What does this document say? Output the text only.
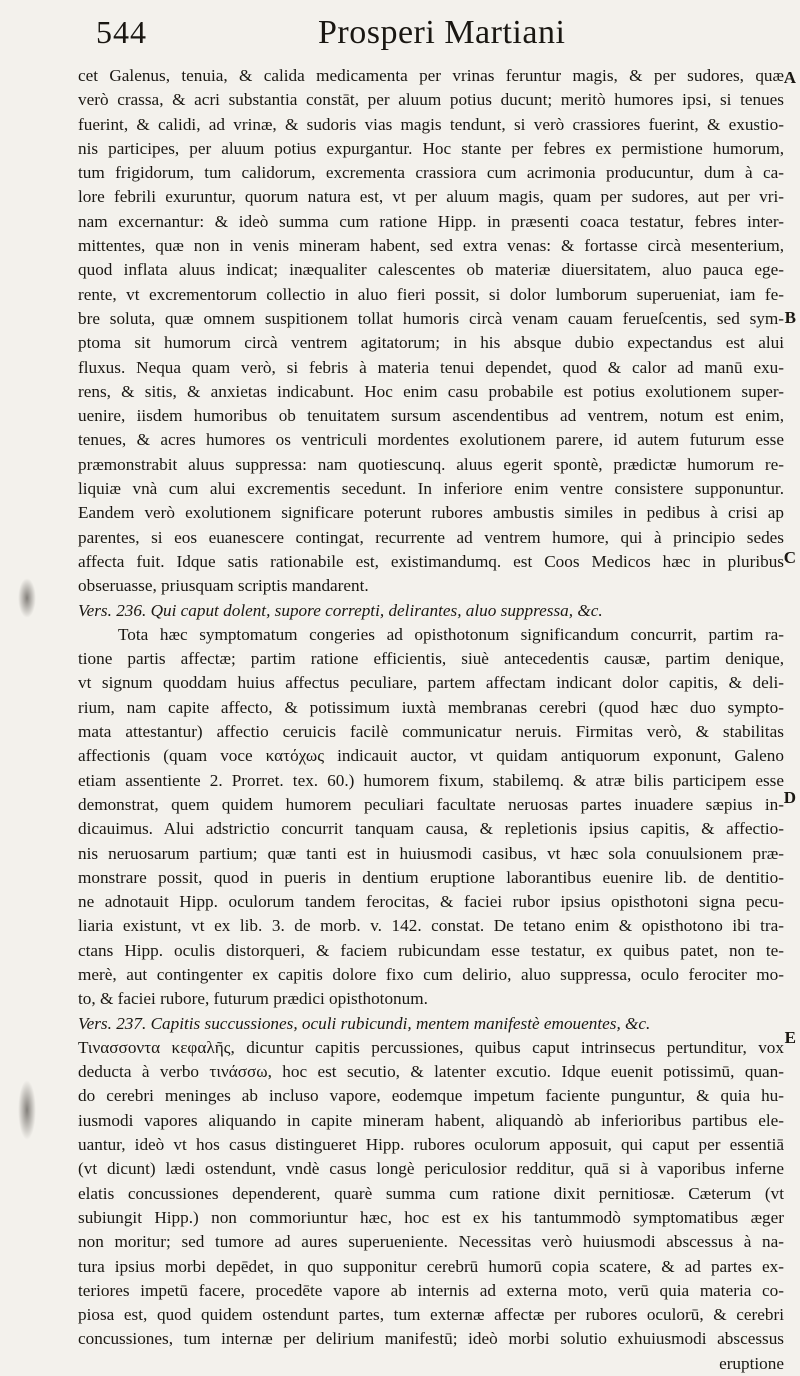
544	Prosperi Martiani
A
B
C
D
E
cet Galenus, tenuia, & calida medicamenta per vrinas feruntur magis, & per sudores, quæ
verò crassa, & acri substantia constāt, per aluum potius ducunt; meritò humores ipsi, si tenues
fuerint, & calidi, ad vrinæ, & sudoris vias magis tendunt, si verò crassiores fuerint, & exustio-
nis participes, per aluum potius expurgantur. Hoc stante per febres ex permistione humorum,
tum frigidorum, tum calidorum, excrementa crassiora cum acrimonia producuntur, dum à ca-
lore febrili exuruntur, quorum natura est, vt per aluum magis, quam per sudores, aut per vri-
nam excernantur: & ideò summa cum ratione Hipp. in præsenti coaca testatur, febres inter-
mittentes, quæ non in venis mineram habent, sed extra venas: & fortasse circà mesenterium,
quod inflata aluus indicat; inæqualiter calescentes ob materiæ diuersitatem, aluo pauca ege-
rente, vt excrementorum collectio in aluo fieri possit, si dolor lumborum superueniat, iam fe-
bre soluta, quæ omnem suspitionem tollat humoris circà venam cauam ferueſcentis, sed sym-
ptoma sit humorum circà ventrem agitatorum; in his absque dubio expectandus est alui
fluxus. Nequa quam verò, si febris à materia tenui dependet, quod & calor ad manū exu-
rens, & sitis, & anxietas indicabunt. Hoc enim casu probabile est potius exolutionem super-
uenire, iisdem humoribus ob tenuitatem sursum ascendentibus ad ventrem, notum est enim,
tenues, & acres humores os ventriculi mordentes exolutionem parere, id autem futurum esse
præmonstrabit aluus suppressa: nam quotiescunq. aluus egerit spontè, prædictæ humorum re-
liquiæ vnà cum alui excrementis secedunt. In inferiore enim ventre consistere supponuntur.
Eandem verò exolutionem significare poterunt rubores ambustis similes in pedibus à crisi ap
parentes, si eos euanescere contingat, recurrente ad ventrem humore, qui à principio sedes
affecta fuit. Idque satis rationabile est, existimandumq. est Coos Medicos hæc in pluribus
obseruasse, priusquam scriptis mandarent.
Vers. 236. Qui caput dolent, supore correpti, delirantes, aluo suppressa, &c.
Tota hæc symptomatum congeries ad opisthotonum significandum concurrit, partim ra-
tione partis affectæ; partim ratione efficientis, siuè antecedentis causæ, partim denique,
vt signum quoddam huius affectus peculiare, partem affectam indicant dolor capitis, & deli-
rium, nam capite affecto, & potissimum iuxtà membranas cerebri (quod hæc duo sympto-
mata attestantur) affectio ceruicis facilè communicatur neruis. Firmitas verò, & stabilitas
affectionis (quam voce κατόχως indicauit auctor, vt quidam antiquorum exponunt, Galeno
etiam assentiente 2. Prorret. tex. 60.) humorem fixum, stabilemq. & atræ bilis participem esse
demonstrat, quem quidem humorem peculiari facultate neruosas partes inuadere sæpius in-
dicauimus. Alui adstrictio concurrit tanquam causa, & repletionis ipsius capitis, & affectio-
nis neruosarum partium; quæ tanti est in huiusmodi casibus, vt hæc sola conuulsionem præ-
monstrare possit, quod in pueris in dentium eruptione laborantibus euenire lib. de dentitio-
ne adnotauit Hipp. oculorum tandem ferocitas, & faciei rubor ipsius opisthotoni signa pecu-
liaria existunt, vt ex lib. 3. de morb. v. 142. constat. De tetano enim & opisthotono ibi tra-
ctans Hipp. oculis distorqueri, & faciem rubicundam esse testatur, ex quibus patet, non te-
merè, aut contingenter ex capitis dolore fixo cum delirio, aluo suppressa, oculo ferociter mo-
to, & faciei rubore, futurum prædici opisthotonum.
Vers. 237. Capitis succussiones, oculi rubicundi, mentem manifestè emouentes, &c.
Τινασσοντα κεφαλῆς, dicuntur capitis percussiones, quibus caput intrinsecus pertunditur, vox
deducta à verbo τινάσσω, hoc est secutio, & latenter excutio. Idque euenit potissimū, quan-
do cerebri meninges ab incluso vapore, eodemque impetum faciente punguntur, & quia hu-
iusmodi vapores aliquando in capite mineram habent, aliquandò ab inferioribus partibus ele-
uantur, ideò vt hos casus distingueret Hipp. rubores oculorum apposuit, qui caput per essentiā
(vt dicunt) lædi ostendunt, vndè casus longè periculosior redditur, quā si à vaporibus inferne
elatis concussiones dependerent, quarè summa cum ratione dixit pernitiosæ. Cæterum (vt
subiungit Hipp.) non commoriuntur hæc, hoc est ex his tantummodò symptomatibus æger
non moritur; sed tumore ad aures superueniente. Necessitas verò huiusmodi abscessus à na-
tura ipsius morbi depēdet, in quo supponitur cerebrū humorū copia scatere, & ad partes ex-
teriores impetū facere, procedēte vapore ab internis ad externa moto, verū quia materia co-
piosa est, quod quidem ostendunt partes, tum externæ affectæ per rubores oculorū, & cerebri
concussiones, tum internæ per delirium manifestū; ideò morbi solutio exhuiusmodi abscessus
eruptione
